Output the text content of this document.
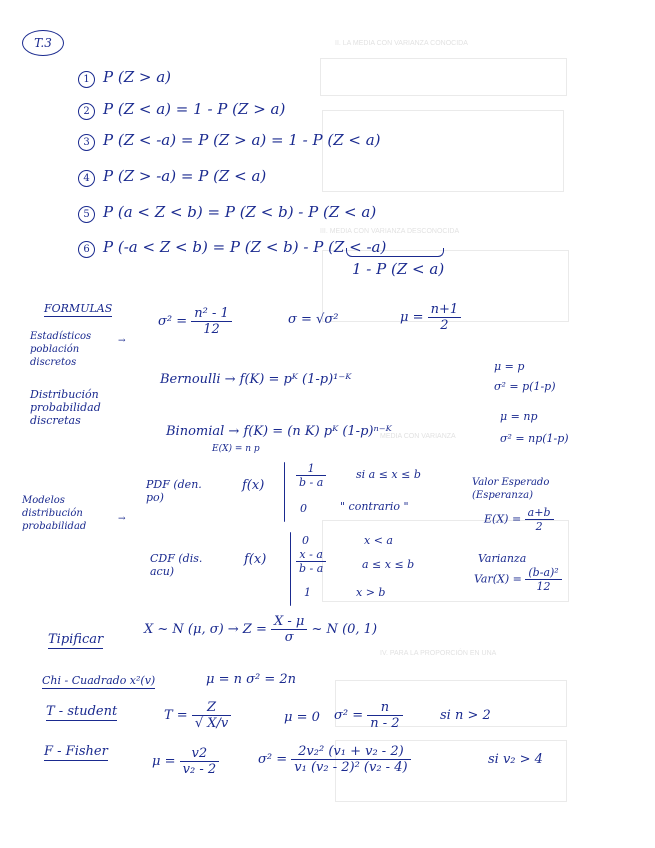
II. LA MEDIA CON VARIANZA CONOCIDA
III. MEDIA CON VARIANZA DESCONOCIDA
MEDIA CON VARIANZA
IV. PARA LA PROPORCIÓN EN UNA
T.3
1 P (Z > a)
2 P (Z < a) = 1 - P (Z > a)
3 P (Z < -a) = P (Z > a) = 1 - P (Z < a)
4 P (Z > -a) = P (Z < a)
5 P (a < Z < b) = P (Z < b) - P (Z < a)
6 P (-a < Z < b) = P (Z < b) - P (Z < -a)
1 - P (Z < a)
FORMULAS
Estadísticos población discretos
→
$\sigma^2 = \frac{\text{n² - 1}}{12}$	σ = √σ²	$\mu = \frac{n+1}{2}$
Distribución probabilidad discretas
Bernoulli → f(K) = pᴷ (1-p)¹⁻ᴷ
μ = p
σ² = p(1-p)
Binomial → f(K) = (n K) pᴷ (1-p)ⁿ⁻ᴷ
E(X) = n p
μ = np
σ² = np(1-p)
Modelos distribución probabilidad
→
PDF (den. po)
f(x)	$\frac{1}{b - a}$	si a ≤ x ≤ b
0	" contrario "
CDF (dis. acu)
f(x)
0	x < a
$\frac{x - a}{b - a}$	a ≤ x ≤ b
1	x > b
Valor Esperado (Esperanza)
$E(X) = \frac{a+b}{2}$
Varianza
$Var(X) = \frac{\text{(b-a)²}}{12}$
Tipificar
X ~ N (μ, $\sigma) \to Z = \frac{X - \mu}{\sigma}$ ~ N (0, 1)
Chi - Cuadrado x²(v)	μ = n σ² = 2n
T - student	$T = \frac{Z}{√ X/v}$	μ = 0 $\sigma^2 = \frac{n}{n - 2}$	si n > 2
F - Fisher
$\mu = \frac{v2}{\text{v₂ - 2}}$	$\sigma^2 = \frac{\text{2v₂² (v₁ + v₂ - 2)}}{\text{v₁ (v₂ - 2)² (v₂ - 4)}}$	si v₂ > 4
